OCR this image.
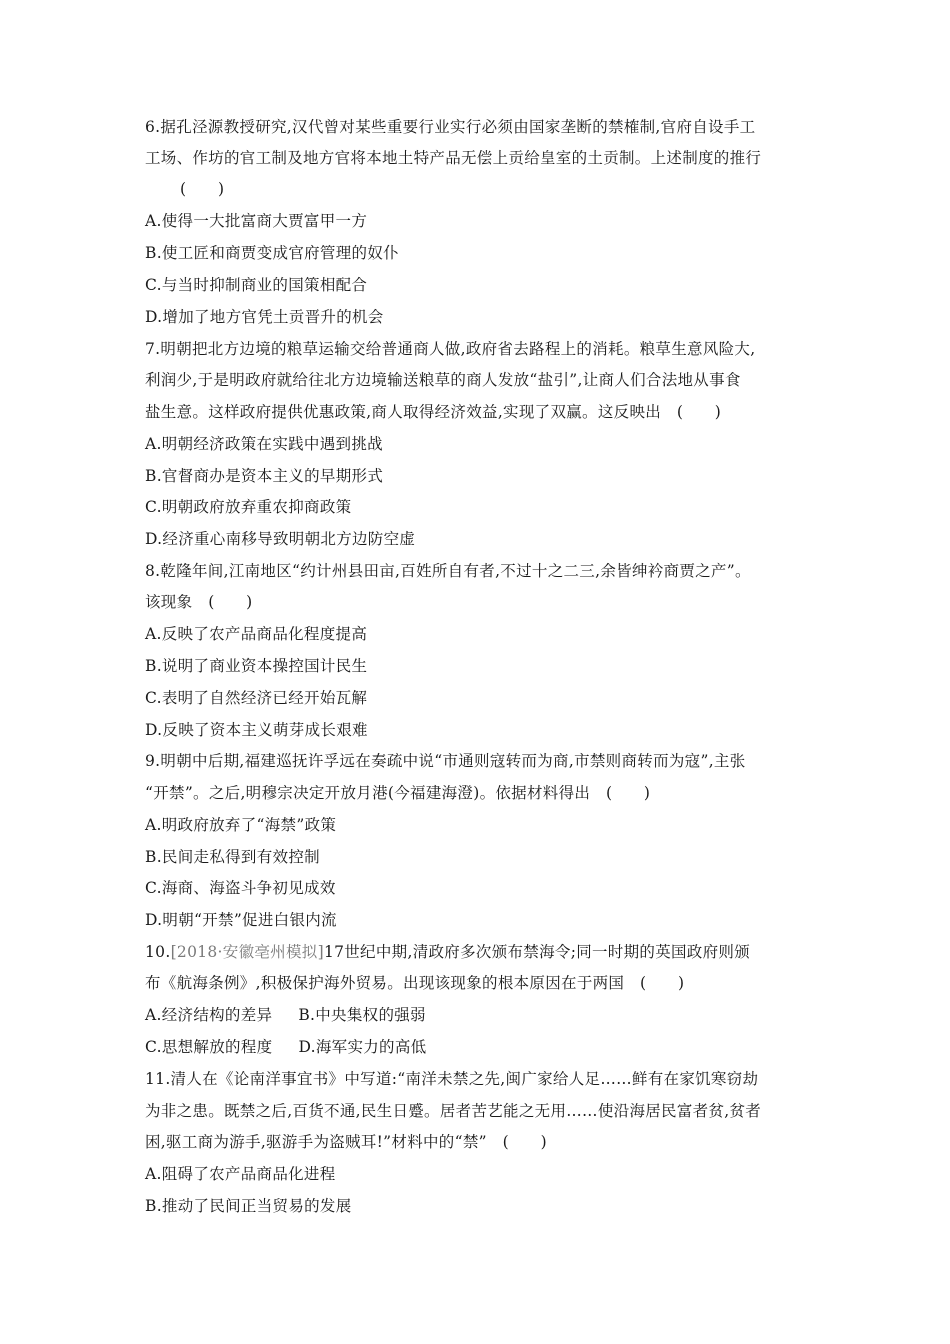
6.据孔泾源教授研究,汉代曾对某些重要行业实行必须由国家垄断的禁榷制,官府自设手工
工场、作坊的官工制及地方官将本地土特产品无偿上贡给皇室的土贡制。上述制度的推行
(　　)
A.使得一大批富商大贾富甲一方
B.使工匠和商贾变成官府管理的奴仆
C.与当时抑制商业的国策相配合
D.增加了地方官凭土贡晋升的机会
7.明朝把北方边境的粮草运输交给普通商人做,政府省去路程上的消耗。粮草生意风险大,
利润少,于是明政府就给往北方边境输送粮草的商人发放“盐引”,让商人们合法地从事食
盐生意。这样政府提供优惠政策,商人取得经济效益,实现了双赢。这反映出　(　　)
A.明朝经济政策在实践中遇到挑战
B.官督商办是资本主义的早期形式
C.明朝政府放弃重农抑商政策
D.经济重心南移导致明朝北方边防空虚
8.乾隆年间,江南地区“约计州县田亩,百姓所自有者,不过十之二三,余皆绅衿商贾之产”。
该现象　(　　)
A.反映了农产品商品化程度提高
B.说明了商业资本操控国计民生
C.表明了自然经济已经开始瓦解
D.反映了资本主义萌芽成长艰难
9.明朝中后期,福建巡抚许孚远在奏疏中说“市通则寇转而为商,市禁则商转而为寇”,主张
“开禁”。之后,明穆宗决定开放月港(今福建海澄)。依据材料得出　(　　)
A.明政府放弃了“海禁”政策
B.民间走私得到有效控制
C.海商、海盗斗争初见成效
D.明朝“开禁”促进白银内流
10.[2018·安徽亳州模拟]17世纪中期,清政府多次颁布禁海令;同一时期的英国政府则颁
布《航海条例》,积极保护海外贸易。出现该现象的根本原因在于两国　(　　)
A.经济结构的差异 B.中央集权的强弱
C.思想解放的程度 D.海军实力的高低
11.清人在《论南洋事宜书》中写道:“南洋未禁之先,闽广家给人足……鲜有在家饥寒窃劫
为非之患。既禁之后,百货不通,民生日蹙。居者苦艺能之无用……使沿海居民富者贫,贫者
困,驱工商为游手,驱游手为盗贼耳!”材料中的“禁”　(　　)
A.阻碍了农产品商品化进程
B.推动了民间正当贸易的发展
